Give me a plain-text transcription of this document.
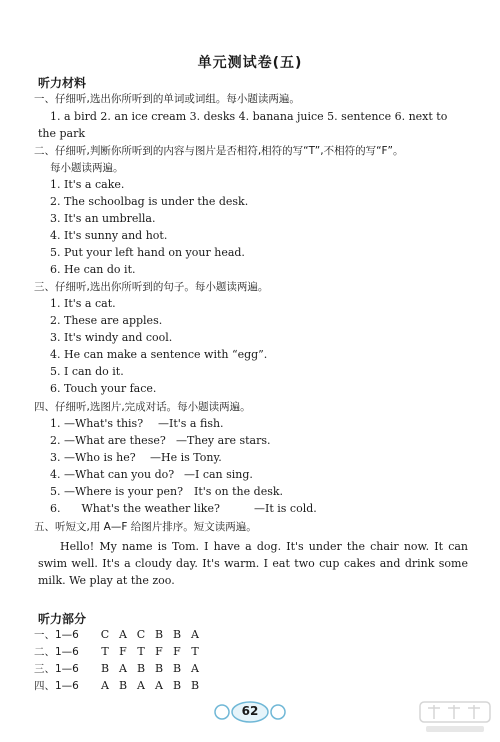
单元测试卷(五)
听力材料
一、仔细听,选出你所听到的单词或词组。每小题读两遍。
1. a bird 2. an ice cream 3. desks 4. banana juice 5. sentence 6. next to
the park
二、仔细听,判断你所听到的内容与图片是否相符,相符的写“T”,不相符的写“F”。
每小题读两遍。
1. It's a cake.
2. The schoolbag is under the desk.
3. It's an umbrella.
4. It's sunny and hot.
5. Put your left hand on your head.
6. He can do it.
三、仔细听,选出你所听到的句子。每小题读两遍。
1. It's a cat.
2. These are apples.
3. It's windy and cool.
4. He can make a sentence with “egg”.
5. I can do it.
6. Touch your face.
四、仔细听,选图片,完成对话。每小题读两遍。
1. —What's this? —It's a fish.
2. —What are these? —They are stars.
3. —Who is he? —He is Tony.
4. —What can you do? —I can sing.
5. —Where is your pen? It's on the desk.
6.      What's the weather like?	—It is cold.
五、听短文,用 A—F 给图片排序。短文读两遍。
Hello! My name is Tom. I have a dog. It's under the chair now. It can swim well. It's a cloudy day. It's warm. I eat two cup cakes and drink some milk. We play at the zoo.
听力部分
一、1—6	C A C B B A
二、1—6	T F T F F T
三、1—6	B A B B B A
四、1—6	A B A A B B
62
